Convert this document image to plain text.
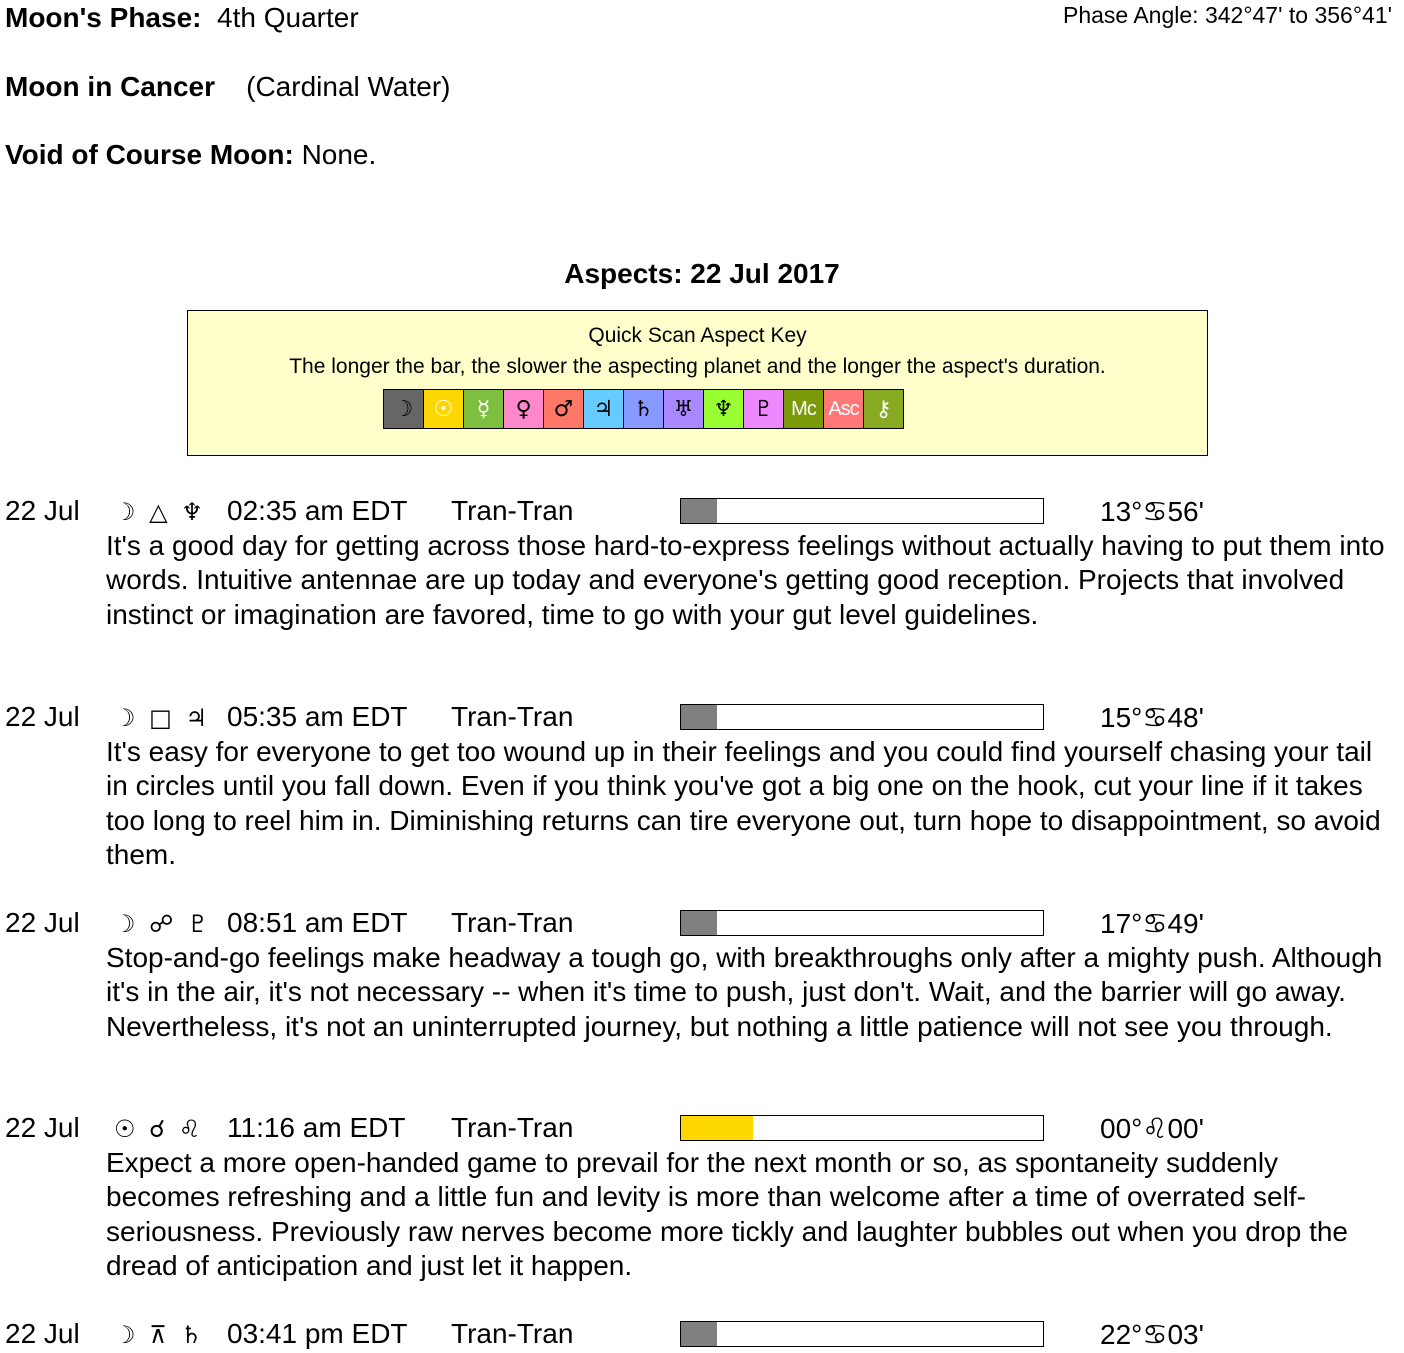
Moon's Phase: 4th Quarter	Phase Angle: 342°47' to 356°41'
Moon in Cancer (Cardinal Water)
Void of Course Moon: None.
Aspects: 22 Jul 2017
Quick Scan Aspect Key
The longer the bar, the slower the aspecting planet and the longer the aspect's duration.
☽ ☉	☿	♀	♂ ♃ ♄ ♅ ♆ ♇ Mc Asc ⚷
22 Jul ☽ △ ♆ 02:35 am EDT Tran-Tran	13°♋56'
It's a good day for getting across those hard-to-express feelings without actually having to put them into words. Intuitive antennae are up today and everyone's getting good reception. Projects that involved instinct or imagination are favored, time to go with your gut level guidelines.
22 Jul ☽ □ ♃ 05:35 am EDT Tran-Tran	15°♋48'
It's easy for everyone to get too wound up in their feelings and you could find yourself chasing your tail in circles until you fall down. Even if you think you've got a big one on the hook, cut your line if it takes too long to reel him in. Diminishing returns can tire everyone out, turn hope to disappointment, so avoid them.
22 Jul ☽ ☍ ♇ 08:51 am EDT Tran-Tran	17°♋49'
Stop-and-go feelings make headway a tough go, with breakthroughs only after a mighty push. Although it's in the air, it's not necessary -- when it's time to push, just don't. Wait, and the barrier will go away. Nevertheless, it's not an uninterrupted journey, but nothing a little patience will not see you through.
22 Jul ☉ ☌ ♌ 11:16 am EDT Tran-Tran	00°♌00'
Expect a more open-handed game to prevail for the next month or so, as spontaneity suddenly becomes refreshing and a little fun and levity is more than welcome after a time of overrated self-seriousness. Previously raw nerves become more tickly and laughter bubbles out when you drop the dread of anticipation and just let it happen.
22 Jul ☽ ⊼ ♄ 03:41 pm EDT Tran-Tran	22°♋03'
